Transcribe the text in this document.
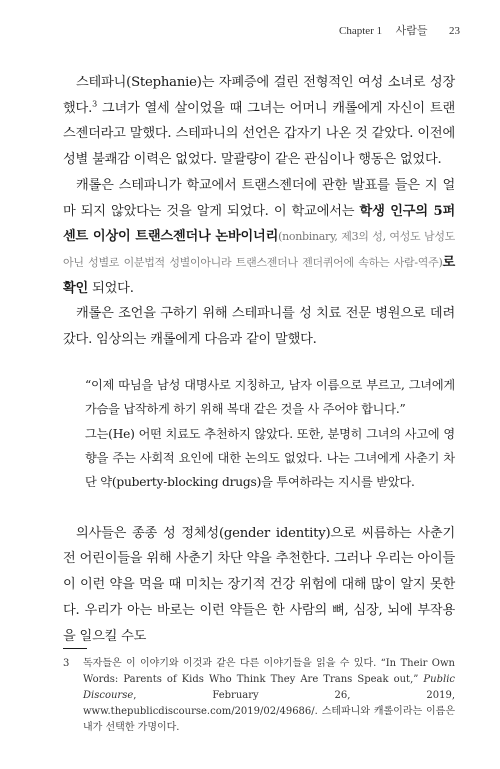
Chapter 1 사람들 23

스테파니(Stephanie)는 자폐증에 걸린 전형적인 여성 소녀로 성장했다.$^3$ 그녀가 열세 살이었을 때 그녀는 어머니 캐롤에게 자신이 트랜스젠더라고 말했다. 스테파니의 선언은 갑자기 나온 것 같았다. 이전에 성별 불쾌감 이력은 없었다. 말괄량이 같은 관심이나 행동은 없었다.

캐롤은 스테파니가 학교에서 트랜스젠더에 관한 발표를 들은 지 얼마 되지 않았다는 것을 알게 되었다. 이 학교에서는 학생 인구의 5퍼센트 이상이 트랜스젠더나 논바이너리(nonbinary, 제3의 성, 여성도 남성도 아닌 성별로 이분법적 성별이아니라 트랜스젠더나 젠더퀴어에 속하는 사람-역주)로 확인 되었다.

캐롤은 조언을 구하기 위해 스테파니를 성 치료 전문 병원으로 데려 갔다. 임상의는 캐롤에게 다음과 같이 말했다.

“이제 따님을 남성 대명사로 지칭하고, 남자 이름으로 부르고, 그녀에게 가슴을 납작하게 하기 위해 복대 같은 것을 사 주어야 합니다.”

그는(He) 어떤 치료도 추천하지 않았다. 또한, 분명히 그녀의 사고에 영향을 주는 사회적 요인에 대한 논의도 없었다. 나는 그녀에게 사춘기 차단 약(puberty-blocking drugs)을 투여하라는 지시를 받았다.

의사들은 종종 성 정체성(gender identity)으로 씨름하는 사춘기 전 어린이들을 위해 사춘기 차단 약을 추천한다. 그러나 우리는 아이들이 이런 약을 먹을 때 미치는 장기적 건강 위험에 대해 많이 알지 못한다. 우리가 아는 바로는 이런 약들은 한 사람의 뼈, 심장, 뇌에 부작용을 일으킬 수도

3 독자들은 이 이야기와 이것과 같은 다른 이야기들을 읽을 수 있다. “In Their Own Words: Parents of Kids Who Think They Are Trans Speak out,” Public Discourse, February 26, 2019, www.thepublicdiscourse.com/2019/02/49686/. 스테파니와 캐롤이라는 이름은 내가 선택한 가명이다.
